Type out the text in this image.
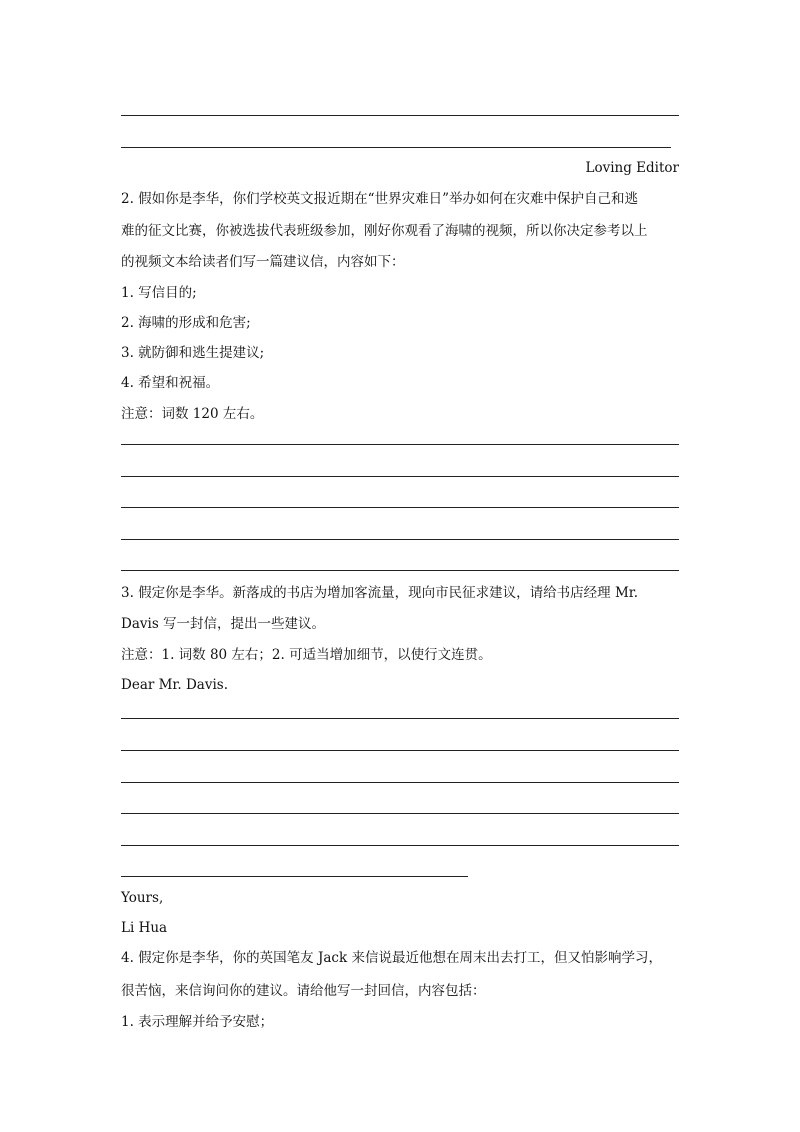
Loving Editor
2. 假如你是李华，你们学校英文报近期在“世界灾难日”举办如何在灾难中保护自己和逃
难的征文比赛，你被选拔代表班级参加，刚好你观看了海啸的视频，所以你决定参考以上
的视频文本给读者们写一篇建议信，内容如下：
1. 写信目的;
2. 海啸的形成和危害;
3. 就防御和逃生提建议;
4. 希望和祝福。
注意：词数 120 左右。
3. 假定你是李华。新落成的书店为增加客流量，现向市民征求建议，请给书店经理 Mr.
Davis 写一封信，提出一些建议。
注意：1. 词数 80 左右；2. 可适当增加细节，以使行文连贯。
Dear Mr. Davis.
Yours,
Li Hua
4. 假定你是李华，你的英国笔友 Jack 来信说最近他想在周末出去打工，但又怕影响学习，
很苦恼，来信询问你的建议。请给他写一封回信，内容包括：
1. 表示理解并给予安慰；
